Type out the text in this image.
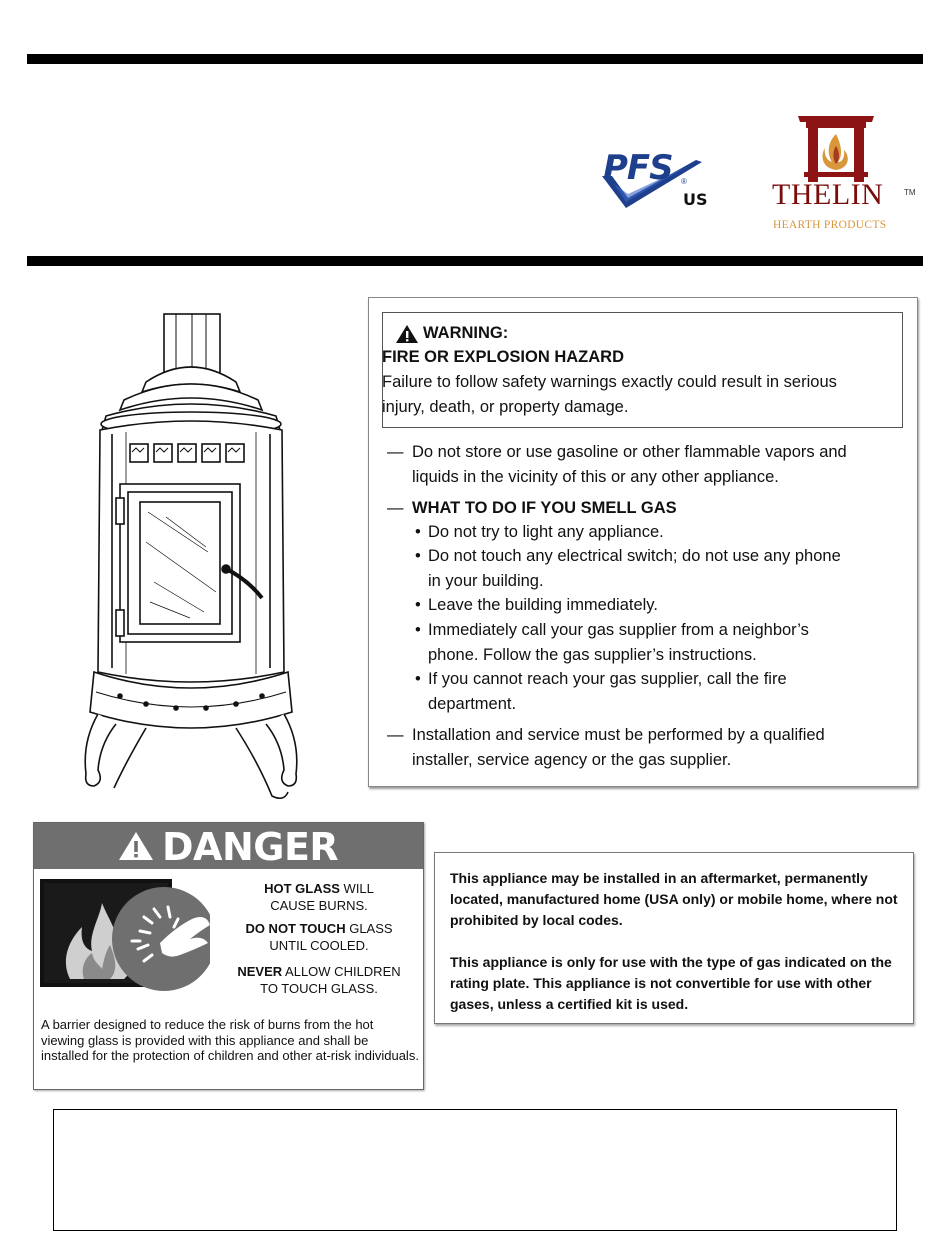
PFS ®
US THELIN	TM
HEARTH PRODUCTS
WARNING:
FIRE OR EXPLOSION HAZARD
Failure to follow safety warnings exactly could result in serious
injury, death, or property damage.
— Do not store or use gasoline or other flammable vapors and
liquids in the vicinity of this or any other appliance.
— WHAT TO DO IF YOU SMELL GAS
• Do not try to light any appliance.
• Do not touch any electrical switch; do not use any phone
in your building.
• Leave the building immediately.
• Immediately call your gas supplier from a neighbor’s
phone. Follow the gas supplier’s instructions.
• If you cannot reach your gas supplier, call the fire
department.
— Installation and service must be performed by a qualified
installer, service agency or the gas supplier.
DANGER
HOT GLASS WILL
CAUSE BURNS.
DO NOT TOUCH GLASS
UNTIL COOLED.
NEVER ALLOW CHILDREN
TO TOUCH GLASS.
A barrier designed to reduce the risk of burns from the hot viewing glass is provided with this appliance and shall be installed for the protection of children and other at-risk individuals.
This appliance may be installed in an aftermarket, permanently located, manufactured home (USA only) or mobile home, where not prohibited by local codes.
This appliance is only for use with the type of gas indicated on the rating plate. This appliance is not convertible for use with other gases, unless a certified kit is used.
